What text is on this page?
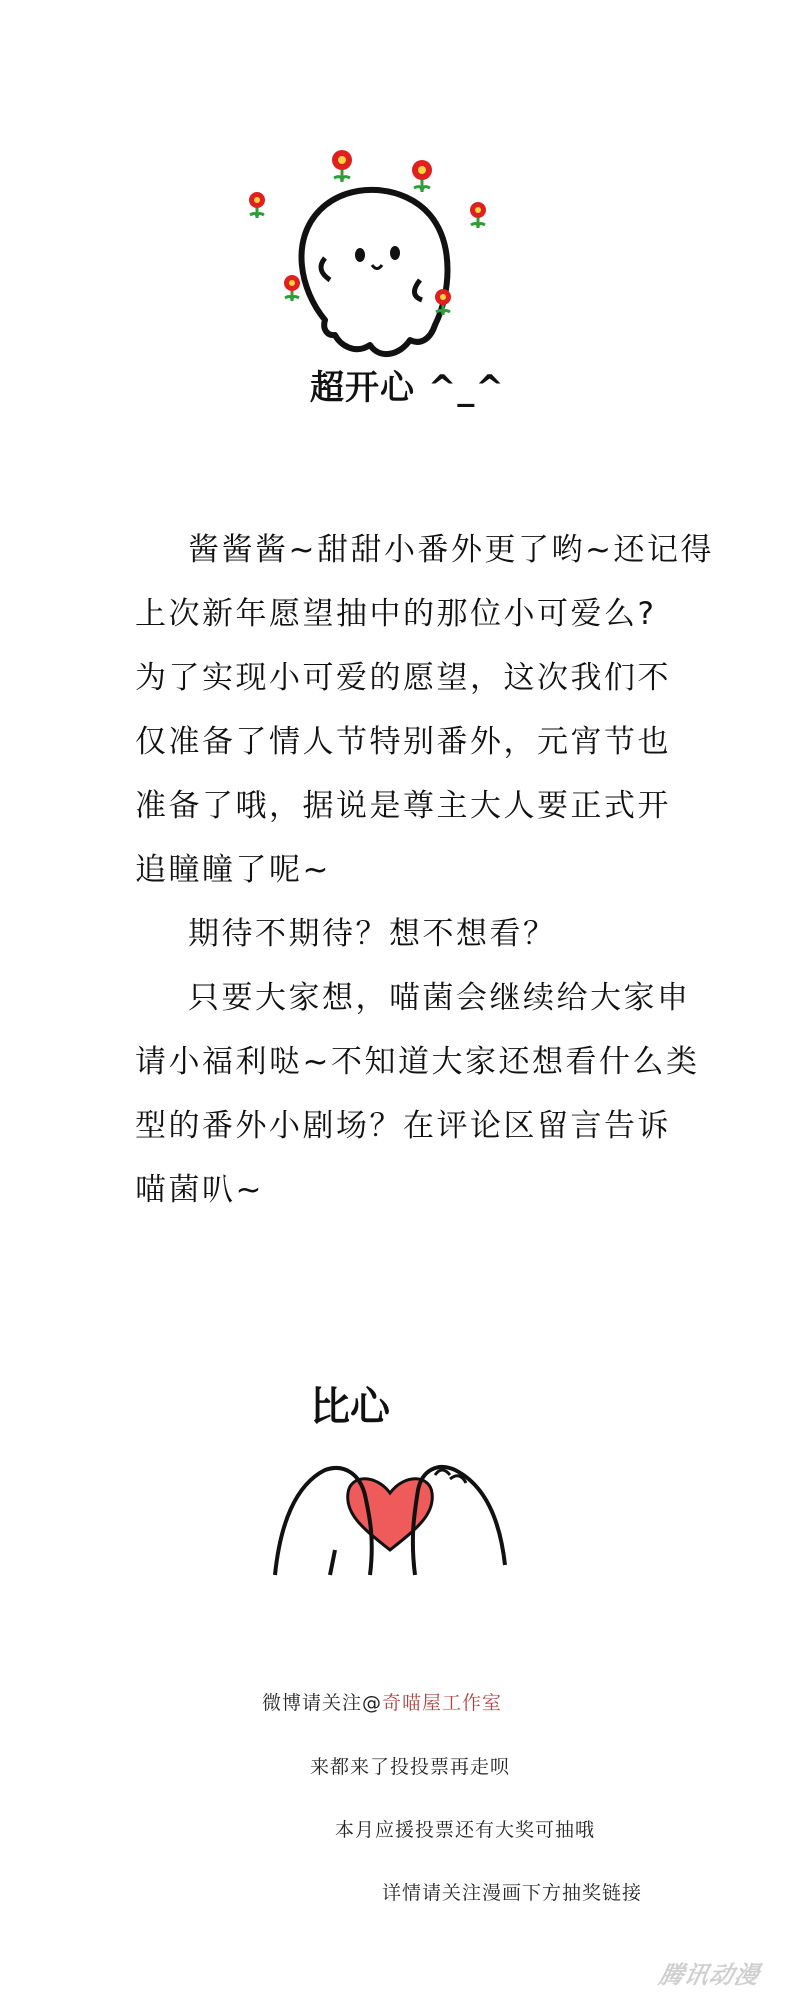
超开心 ^_^

酱酱酱~甜甜小番外更了哟~还记得
上次新年愿望抽中的那位小可爱么?
为了实现小可爱的愿望，这次我们不
仅准备了情人节特别番外，元宵节也
准备了哦，据说是尊主大人要正式开
追瞳瞳了呢~

期待不期待？想不想看？

只要大家想，喵菌会继续给大家申
请小福利哒~不知道大家还想看什么类
型的番外小剧场？在评论区留言告诉
喵菌叭~

比心
微博请关注@奇喵屋工作室
来都来了投投票再走呗
本月应援投票还有大奖可抽哦
详情请关注漫画下方抽奖链接
腾讯动漫
